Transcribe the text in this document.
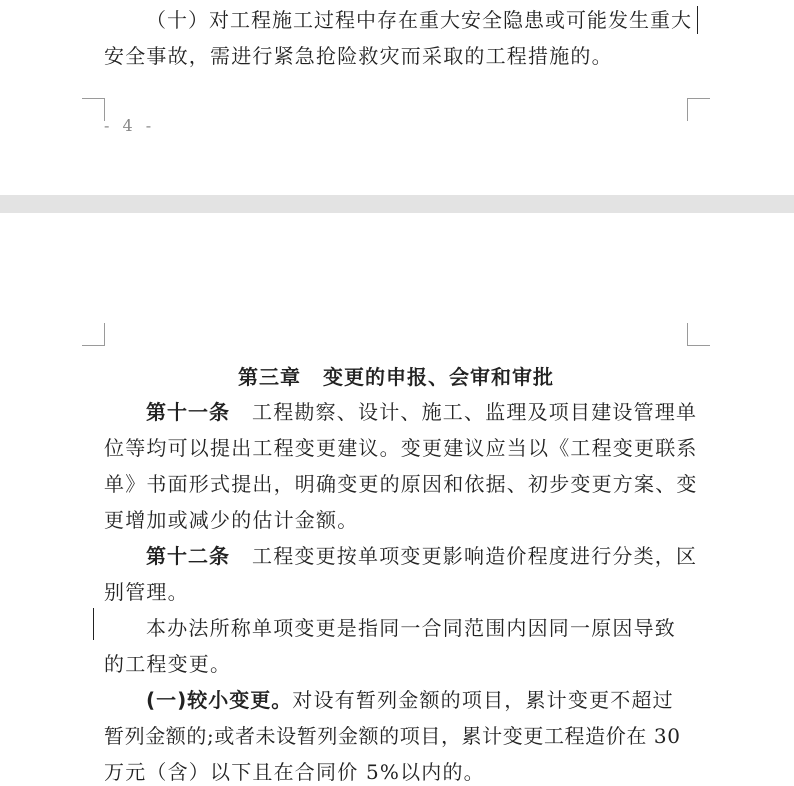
（十）对工程施工过程中存在重大安全隐患或可能发生重大
安全事故，需进行紧急抢险救灾而采取的工程措施的。
- 4 -
第三章 变更的申报、会审和审批
第十一条 工程勘察、设计、施工、监理及项目建设管理单
位等均可以提出工程变更建议。变更建议应当以《工程变更联系
单》书面形式提出，明确变更的原因和依据、初步变更方案、变
更增加或减少的估计金额。
第十二条 工程变更按单项变更影响造价程度进行分类，区
别管理。
本办法所称单项变更是指同一合同范围内因同一原因导致
的工程变更。
(一)较小变更。对设有暂列金额的项目，累计变更不超过
暂列金额的;或者未设暂列金额的项目，累计变更工程造价在 30
万元（含）以下且在合同价 5%以内的。
